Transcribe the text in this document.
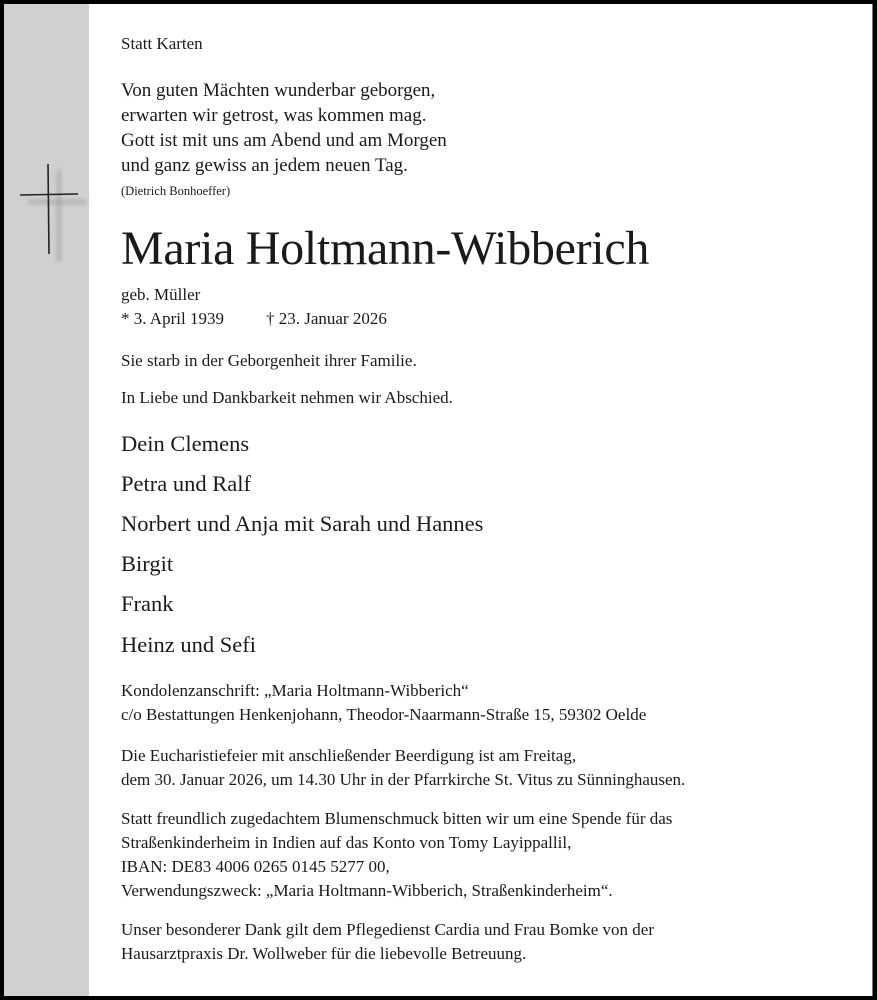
Statt Karten
Von guten Mächten wunderbar geborgen,
erwarten wir getrost, was kommen mag.
Gott ist mit uns am Abend und am Morgen
und ganz gewiss an jedem neuen Tag.
(Dietrich Bonhoeffer)
Maria Holtmann-Wibberich
geb. Müller
* 3. April 1939 † 23. Januar 2026
Sie starb in der Geborgenheit ihrer Familie.
In Liebe und Dankbarkeit nehmen wir Abschied.
Dein Clemens
Petra und Ralf
Norbert und Anja mit Sarah und Hannes
Birgit
Frank
Heinz und Sefi
Kondolenzanschrift: „Maria Holtmann-Wibberich“
c/o Bestattungen Henkenjohann, Theodor-Naarmann-Straße 15, 59302 Oelde
Die Eucharistiefeier mit anschließender Beerdigung ist am Freitag,
dem 30. Januar 2026, um 14.30 Uhr in der Pfarrkirche St. Vitus zu Sünninghausen.
Statt freundlich zugedachtem Blumenschmuck bitten wir um eine Spende für das
Straßenkinderheim in Indien auf das Konto von Tomy Layippallil,
IBAN: DE83 4006 0265 0145 5277 00,
Verwendungszweck: „Maria Holtmann-Wibberich, Straßenkinderheim“.
Unser besonderer Dank gilt dem Pflegedienst Cardia und Frau Bomke von der
Hausarztpraxis Dr. Wollweber für die liebevolle Betreuung.
